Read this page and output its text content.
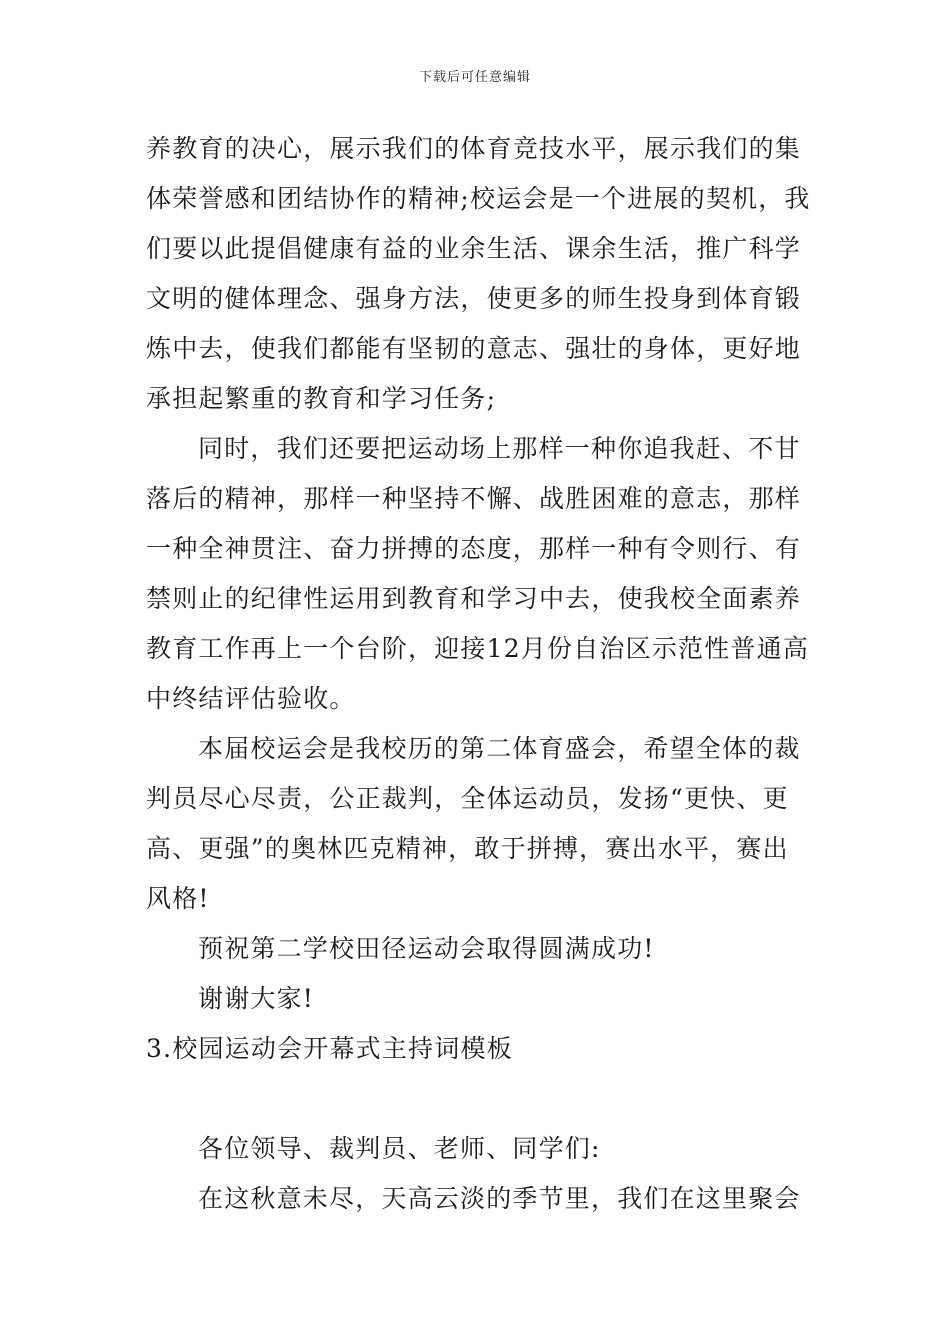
下载后可任意编辑
养教育的决心，展示我们的体育竞技水平，展示我们的集
体荣誉感和团结协作的精神;校运会是一个进展的契机，我
们要以此提倡健康有益的业余生活、课余生活，推广科学
文明的健体理念、强身方法，使更多的师生投身到体育锻
炼中去，使我们都能有坚韧的意志、强壮的身体，更好地
承担起繁重的教育和学习任务;
同时，我们还要把运动场上那样一种你追我赶、不甘
落后的精神，那样一种坚持不懈、战胜困难的意志，那样
一种全神贯注、奋力拼搏的态度，那样一种有令则行、有
禁则止的纪律性运用到教育和学习中去，使我校全面素养
教育工作再上一个台阶，迎接12月份自治区示范性普通高
中终结评估验收。
本届校运会是我校历的第二体育盛会，希望全体的裁
判员尽心尽责，公正裁判，全体运动员，发扬“更快、更
高、更强”的奥林匹克精神，敢于拼搏，赛出水平，赛出
风格!
预祝第二学校田径运动会取得圆满成功!
谢谢大家!
3.校园运动会开幕式主持词模板
各位领导、裁判员、老师、同学们:
在这秋意未尽，天高云淡的季节里，我们在这里聚会
